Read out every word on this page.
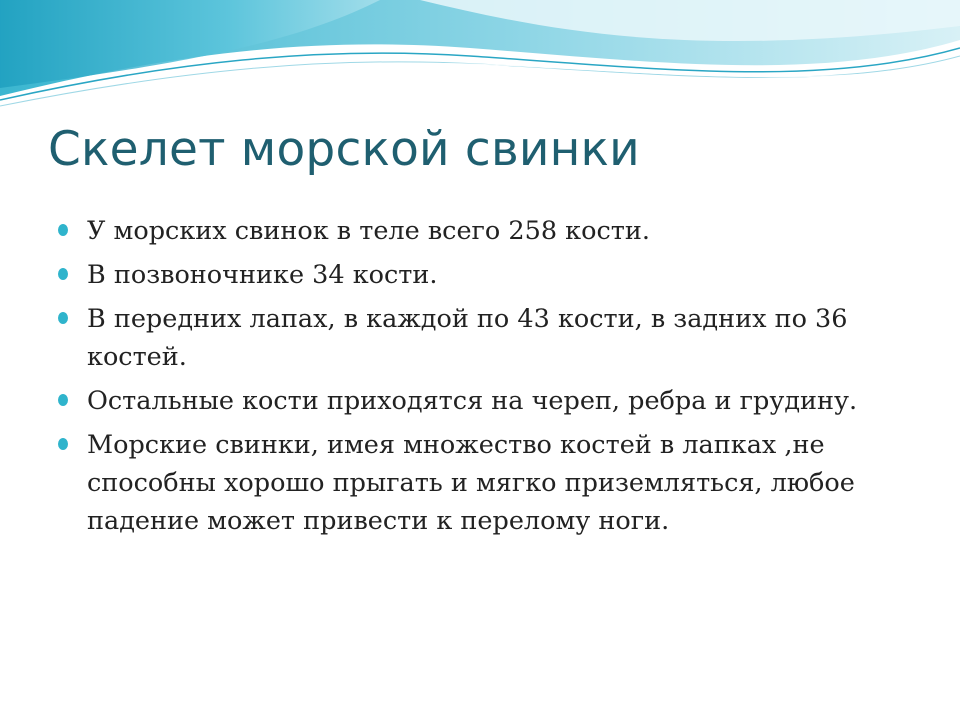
Скелет морской свинки
У морских свинок в теле всего 258 кости.
В позвоночнике 34 кости.
В передних лапах, в каждой по 43 кости, в задних по 36 костей.
Остальные кости приходятся на череп, ребра и грудину.
Морские свинки, имея множество костей в лапках ,не способны хорошо прыгать и мягко приземляться, любое падение может привести к перелому ноги.
